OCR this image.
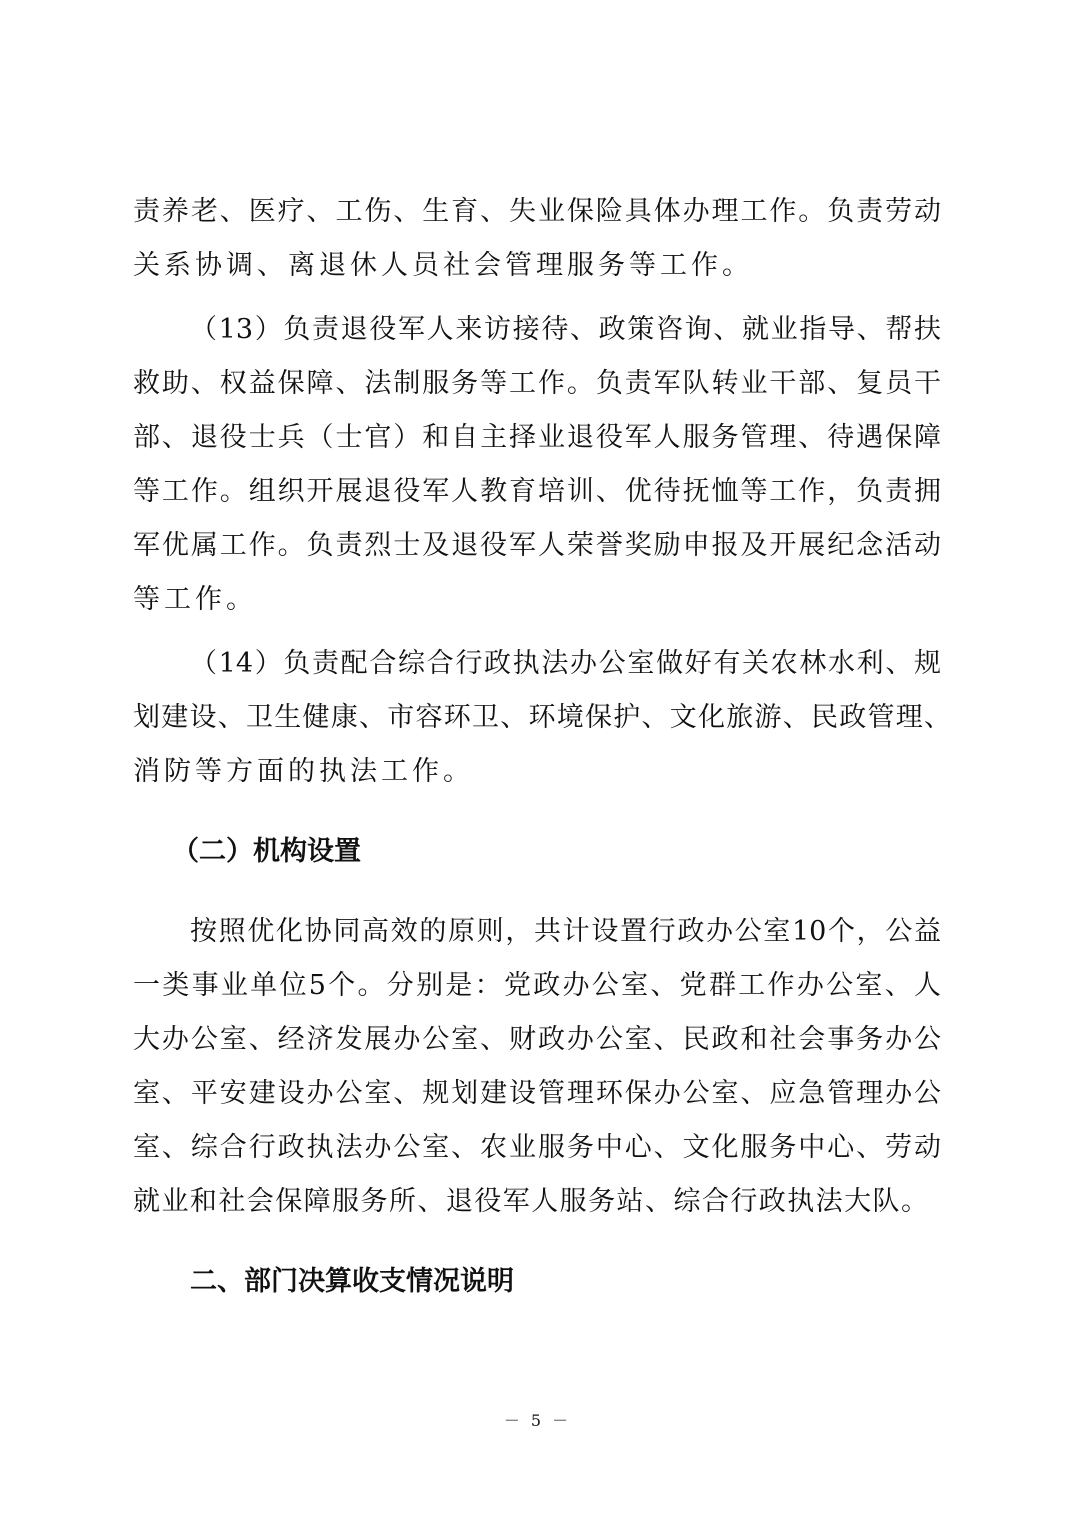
责养老、医疗、工伤、生育、失业保险具体办理工作。负责劳动
关系协调、离退休人员社会管理服务等工作。
（13）负责退役军人来访接待、政策咨询、就业指导、帮扶
救助、权益保障、法制服务等工作。负责军队转业干部、复员干
部、退役士兵（士官）和自主择业退役军人服务管理、待遇保障
等工作。组织开展退役军人教育培训、优待抚恤等工作，负责拥
军优属工作。负责烈士及退役军人荣誉奖励申报及开展纪念活动
等工作。
（14）负责配合综合行政执法办公室做好有关农林水利、规
划建设、卫生健康、市容环卫、环境保护、文化旅游、民政管理、
消防等方面的执法工作。
（二）机构设置
按照优化协同高效的原则，共计设置行政办公室10个，公益
一类事业单位5个。分别是：党政办公室、党群工作办公室、人
大办公室、经济发展办公室、财政办公室、民政和社会事务办公
室、平安建设办公室、规划建设管理环保办公室、应急管理办公
室、综合行政执法办公室、农业服务中心、文化服务中心、劳动
就业和社会保障服务所、退役军人服务站、综合行政执法大队。
二、部门决算收支情况说明
－ 5 －
